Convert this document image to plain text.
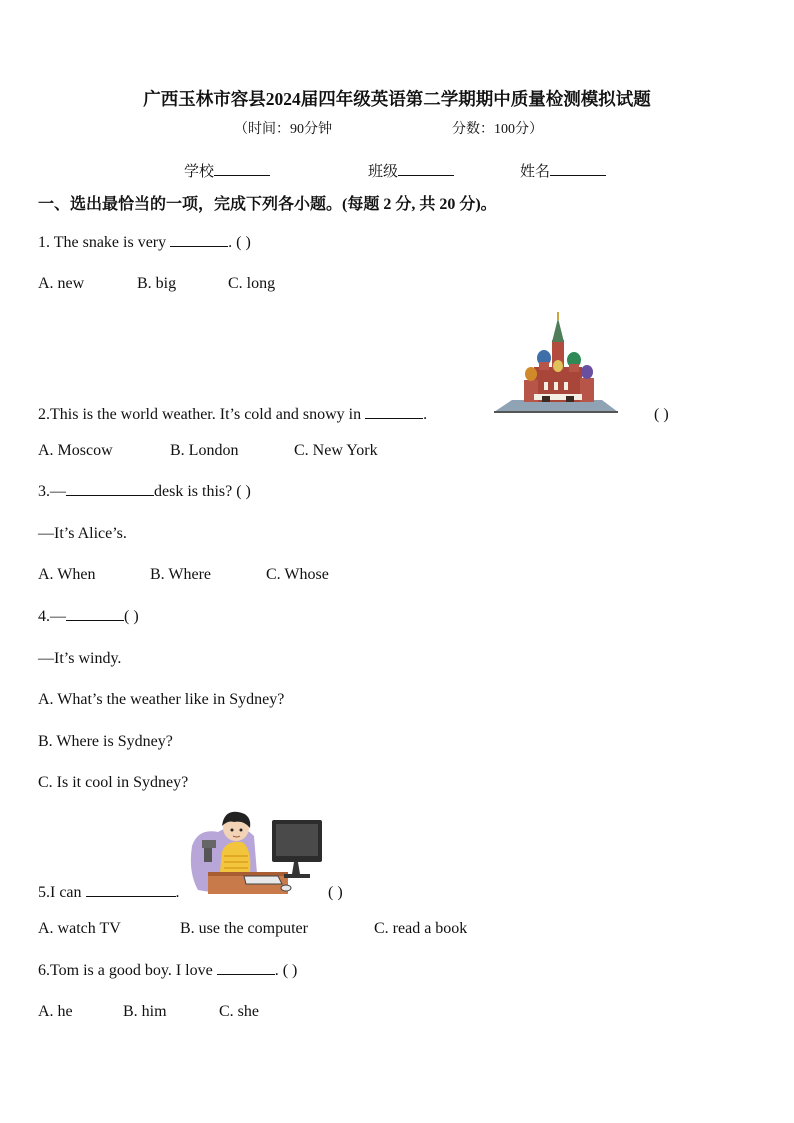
广西玉林市容县2024届四年级英语第二学期期中质量检测模拟试题
（时间：90分钟	分数：100分）
学校	班级	姓名
一、选出最恰当的一项，完成下列各小题。(每题 2 分, 共 20 分)。
1. The snake is very	. ( )
A. new	B. big	C. long
2.This is the world weather. It’s cold and snowy in	.	( )
A. Moscow	B. London	C. New York
3.—	desk is this? ( )
—It’s Alice’s.
A. When	B. Where	C. Whose
4.—	( )
—It’s windy.
A. What’s the weather like in Sydney?
B. Where is Sydney?
C. Is it cool in Sydney?
5.I can	.	( )
A. watch TV	B. use the computer	C. read a book
6.Tom is a good boy. I love	. ( )
A. he	B. him	C. she
